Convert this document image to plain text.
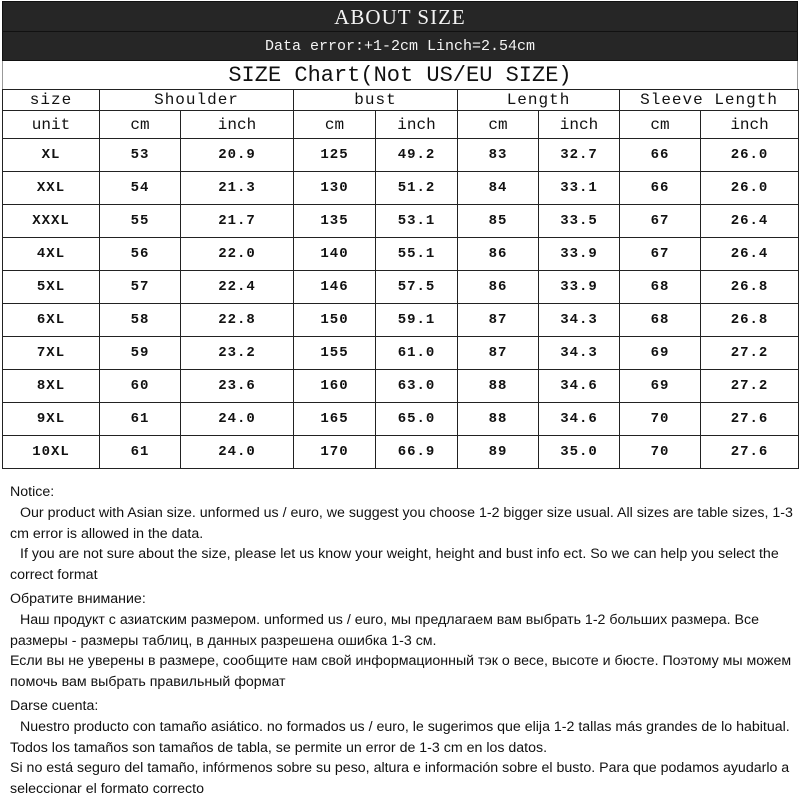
ABOUT SIZE
Data error:+1-2cm Linch=2.54cm
SIZE Chart(Not US/EU SIZE)
size	Shoulder		bust		Length		Sleeve Length	
unit	cm	inch	cm	inch	cm	inch	cm	inch
XL	53	20.9	125	49.2	83	32.7	66	26.0
XXL	54	21.3	130	51.2	84	33.1	66	26.0
XXXL	55	21.7	135	53.1	85	33.5	67	26.4
4XL	56	22.0	140	55.1	86	33.9	67	26.4
5XL	57	22.4	146	57.5	86	33.9	68	26.8
6XL	58	22.8	150	59.1	87	34.3	68	26.8
7XL	59	23.2	155	61.0	87	34.3	69	27.2
8XL	60	23.6	160	63.0	88	34.6	69	27.2
9XL	61	24.0	165	65.0	88	34.6	70	27.6
10XL	61	24.0	170	66.9	89	35.0	70	27.6

Notice:

Our product with Asian size. unformed us / euro, we suggest you choose 1-2 bigger size usual. All sizes are table sizes, 1-3 cm error is allowed in the data.

If you are not sure about the size, please let us know your weight, height and bust info ect. So we can help you select the correct format

Обратите внимание:

Наш продукт с азиатским размером. unformed us / euro, мы предлагаем вам выбрать 1-2 больших размера. Все размеры - размеры таблиц, в данных разрешена ошибка 1-3 см.

Если вы не уверены в размере, сообщите нам свой информационный тэк о весе, высоте и бюсте. Поэтому мы можем помочь вам выбрать правильный формат

Darse cuenta:

Nuestro producto con tamaño asiático. no formados us / euro, le sugerimos que elija 1-2 tallas más grandes de lo habitual. Todos los tamaños son tamaños de tabla, se permite un error de 1-3 cm en los datos.

Si no está seguro del tamaño, infórmenos sobre su peso, altura e información sobre el busto. Para que podamos ayudarlo a seleccionar el formato correcto
